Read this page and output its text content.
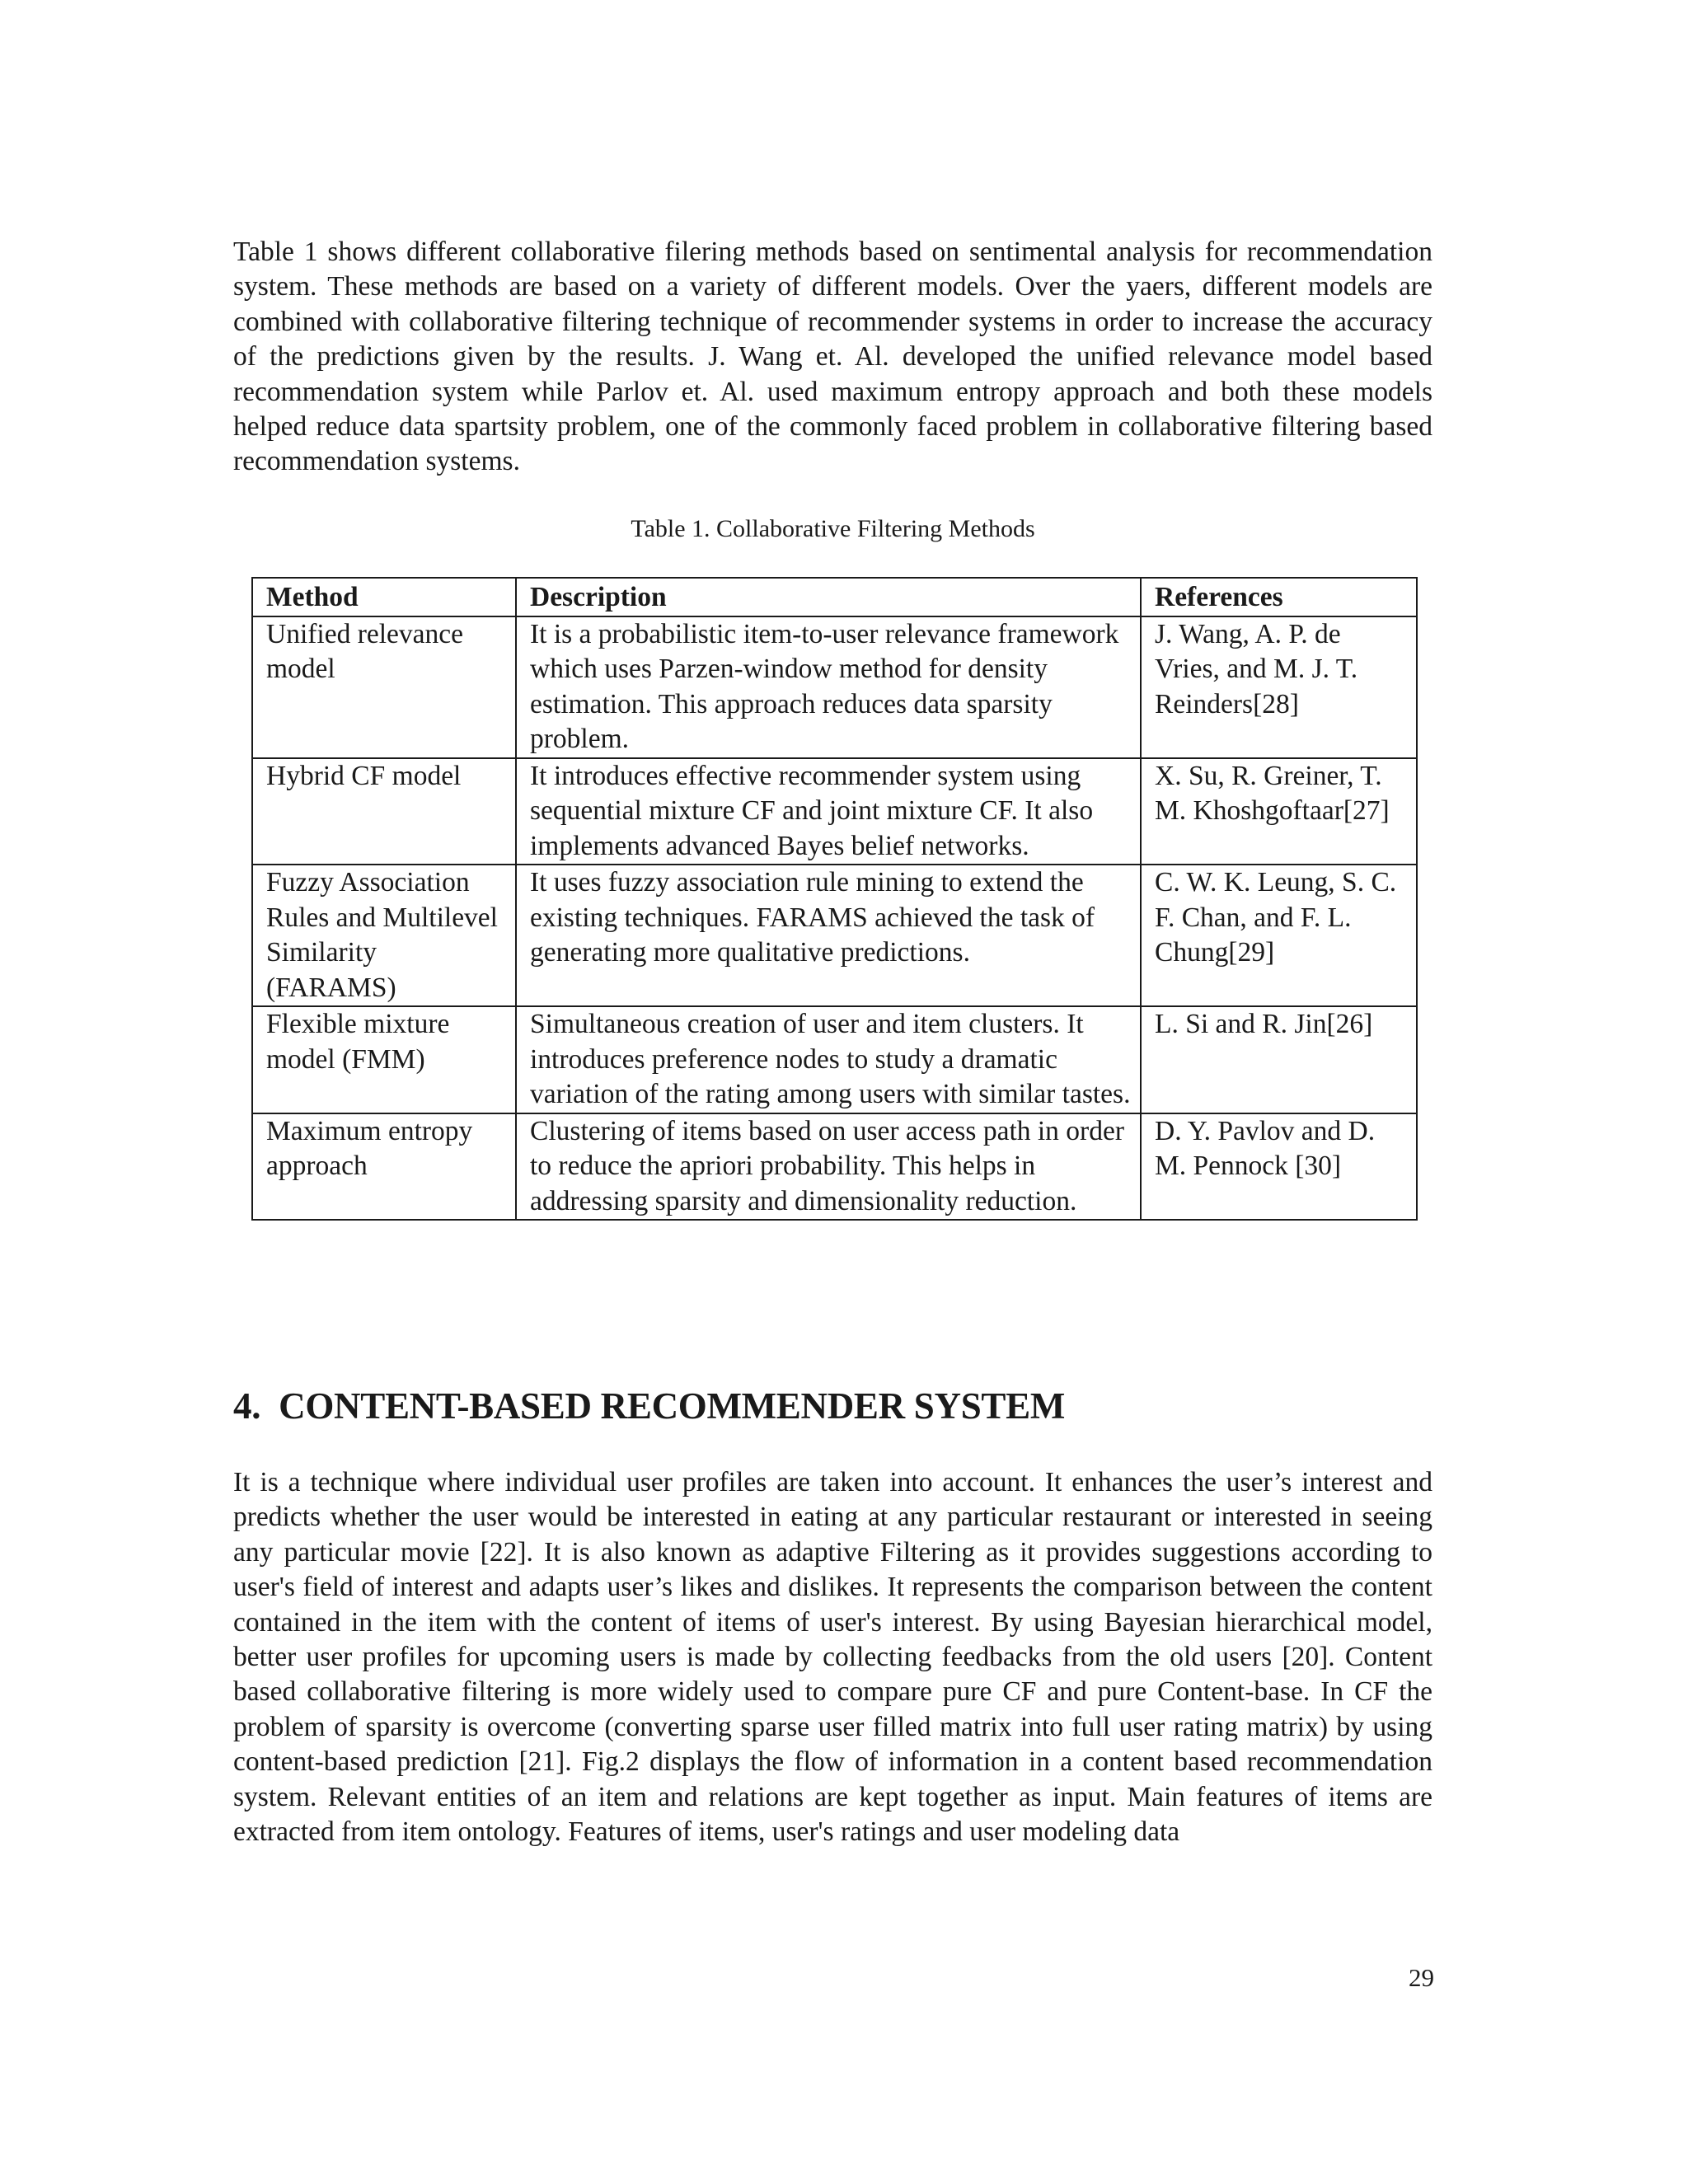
Table 1 shows different collaborative filering methods based on sentimental analysis for recommendation system. These methods are based on a variety of different models. Over the yaers, different models are combined with collaborative filtering technique of recommender systems in order to increase the accuracy of the predictions given by the results. J. Wang et. Al. developed the unified relevance model based recommendation system while Parlov et. Al. used maximum entropy approach and both these models helped reduce data spartsity problem, one of the commonly faced problem in collaborative filtering based recommendation systems.

Table 1. Collaborative Filtering Methods

Method	Description	References
Unified relevance model	It is a probabilistic item-to-user relevance framework which uses Parzen-window method for density estimation. This approach reduces data sparsity problem.	J. Wang, A. P. de Vries, and M. J. T. Reinders[28]
Hybrid CF model	It introduces effective recommender system using sequential mixture CF and joint mixture CF. It also implements advanced Bayes belief networks.	X. Su, R. Greiner, T. M. Khoshgoftaar[27]
Fuzzy Association Rules and Multilevel Similarity (FARAMS)	It uses fuzzy association rule mining to extend the existing techniques. FARAMS achieved the task of generating more qualitative predictions.	C. W. K. Leung, S. C. F. Chan, and F. L. Chung[29]
Flexible mixture model (FMM)	Simultaneous creation of user and item clusters. It introduces preference nodes to study a dramatic variation of the rating among users with similar tastes.	L. Si and R. Jin[26]
Maximum entropy approach	Clustering of items based on user access path in order to reduce the apriori probability. This helps in addressing sparsity and dimensionality reduction.	D. Y. Pavlov and D. M. Pennock [30]
4. CONTENT-BASED RECOMMENDER SYSTEM

It is a technique where individual user profiles are taken into account. It enhances the user’s interest and predicts whether the user would be interested in eating at any particular restaurant or interested in seeing any particular movie [22]. It is also known as adaptive Filtering as it provides suggestions according to user's field of interest and adapts user’s likes and dislikes. It represents the comparison between the content contained in the item with the content of items of user's interest. By using Bayesian hierarchical model, better user profiles for upcoming users is made by collecting feedbacks from the old users [20]. Content based collaborative filtering is more widely used to compare pure CF and pure Content-base. In CF the problem of sparsity is overcome (converting sparse user filled matrix into full user rating matrix) by using content-based prediction [21]. Fig.2 displays the flow of information in a content based recommendation system. Relevant entities of an item and relations are kept together as input. Main features of items are extracted from item ontology. Features of items, user's ratings and user modeling data

29
